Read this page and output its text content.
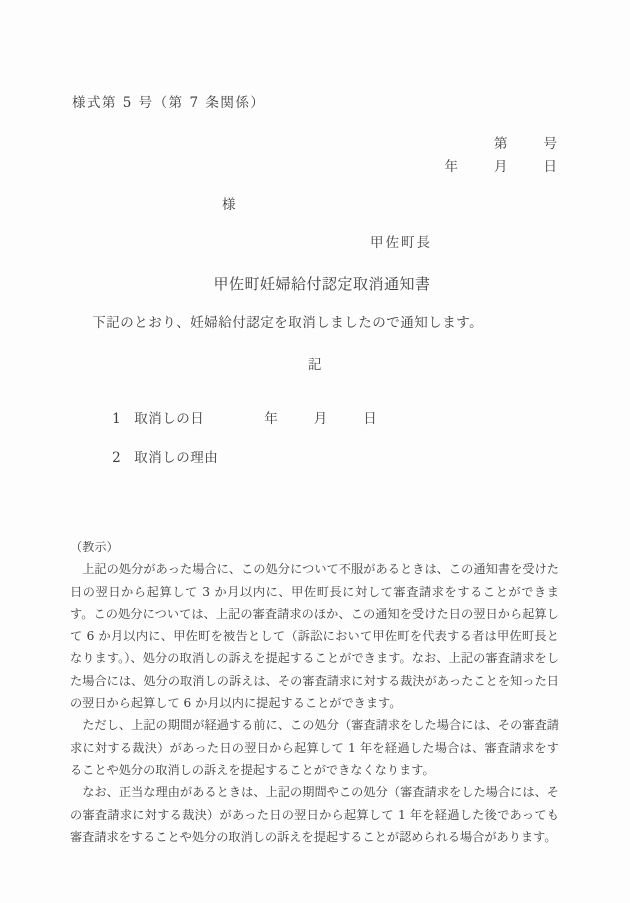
様式第 5 号（第 7 条関係）
第　　号
年　　月　　日
様
甲佐町長
甲佐町妊婦給付認定取消通知書
下記のとおり、妊婦給付認定を取消しましたので通知します。
記

1 取消しの日	年　　月　　日

2 取消しの理由

（教示）

上記の処分があった場合に、この処分について不服があるときは、この通知書を受けた日の翌日から起算して 3 か月以内に、甲佐町長に対して審査請求をすることができます。この処分については、上記の審査請求のほか、この通知を受けた日の翌日から起算して 6 か月以内に、甲佐町を被告として（訴訟において甲佐町を代表する者は甲佐町長となります。）、処分の取消しの訴えを提起することができます。なお、上記の審査請求をした場合には、処分の取消しの訴えは、その審査請求に対する裁決があったことを知った日の翌日から起算して 6 か月以内に提起することができます。

ただし、上記の期間が経過する前に、この処分（審査請求をした場合には、その審査請求に対する裁決）があった日の翌日から起算して 1 年を経過した場合は、審査請求をすることや処分の取消しの訴えを提起することができなくなります。

なお、正当な理由があるときは、上記の期間やこの処分（審査請求をした場合には、その審査請求に対する裁決）があった日の翌日から起算して 1 年を経過した後であっても審査請求をすることや処分の取消しの訴えを提起することが認められる場合があります。
